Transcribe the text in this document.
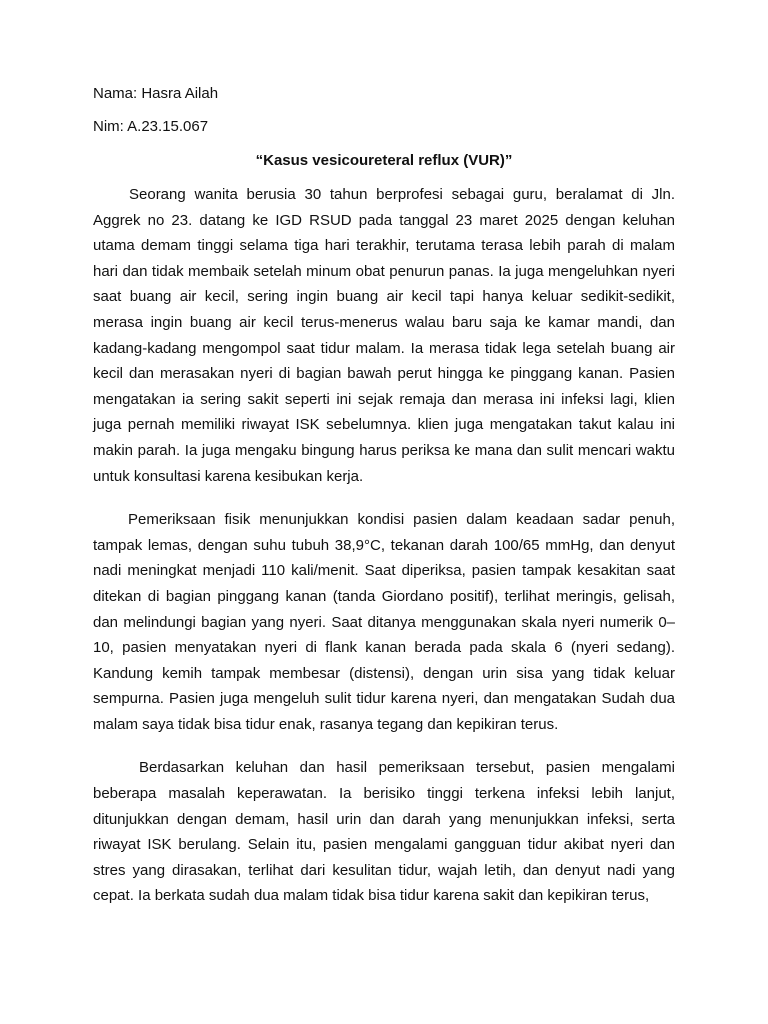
Nama: Hasra Ailah

Nim: A.23.15.067

“Kasus vesicoureteral reflux (VUR)”

Seorang wanita berusia 30 tahun berprofesi sebagai guru, beralamat di Jln. Aggrek no 23. datang ke IGD RSUD pada tanggal 23 maret 2025 dengan keluhan utama demam tinggi selama tiga hari terakhir, terutama terasa lebih parah di malam hari dan tidak membaik setelah minum obat penurun panas. Ia juga mengeluhkan nyeri saat buang air kecil, sering ingin buang air kecil tapi hanya keluar sedikit-sedikit, merasa ingin buang air kecil terus-menerus walau baru saja ke kamar mandi, dan kadang-kadang mengompol saat tidur malam. Ia merasa tidak lega setelah buang air kecil dan merasakan nyeri di bagian bawah perut hingga ke pinggang kanan. Pasien mengatakan ia sering sakit seperti ini sejak remaja dan merasa ini infeksi lagi, klien juga pernah memiliki riwayat ISK sebelumnya. klien juga mengatakan takut kalau ini makin parah. Ia juga mengaku bingung harus periksa ke mana dan sulit mencari waktu untuk konsultasi karena kesibukan kerja.

Pemeriksaan fisik menunjukkan kondisi pasien dalam keadaan sadar penuh, tampak lemas, dengan suhu tubuh 38,9°C, tekanan darah 100/65 mmHg, dan denyut nadi meningkat menjadi 110 kali/menit. Saat diperiksa, pasien tampak kesakitan saat ditekan di bagian pinggang kanan (tanda Giordano positif), terlihat meringis, gelisah, dan melindungi bagian yang nyeri. Saat ditanya menggunakan skala nyeri numerik 0–10, pasien menyatakan nyeri di flank kanan berada pada skala 6 (nyeri sedang). Kandung kemih tampak membesar (distensi), dengan urin sisa yang tidak keluar sempurna. Pasien juga mengeluh sulit tidur karena nyeri, dan mengatakan Sudah dua malam saya tidak bisa tidur enak, rasanya tegang dan kepikiran terus.

Berdasarkan keluhan dan hasil pemeriksaan tersebut, pasien mengalami beberapa masalah keperawatan. Ia berisiko tinggi terkena infeksi lebih lanjut, ditunjukkan dengan demam, hasil urin dan darah yang menunjukkan infeksi, serta riwayat ISK berulang. Selain itu, pasien mengalami gangguan tidur akibat nyeri dan stres yang dirasakan, terlihat dari kesulitan tidur, wajah letih, dan denyut nadi yang cepat. Ia berkata sudah dua malam tidak bisa tidur karena sakit dan kepikiran terus,
